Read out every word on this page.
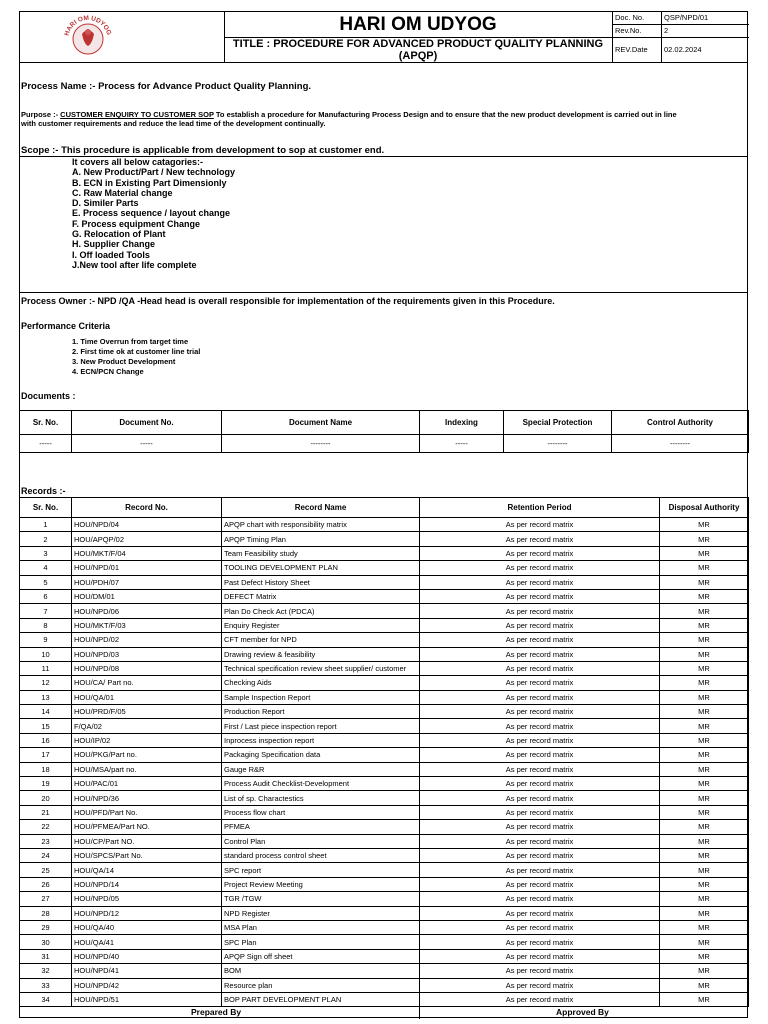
HARI OM UDYOG	HARI OM UDYOG
TITLE : PROCEDURE FOR ADVANCED PRODUCT QUALITY PLANNING (APQP)
Doc. No.	QSP/NPD/01
Rev.No.	2
REV.Date	02.02.2024
Process Name :- Process for Advance Product Quality Planning.
Purpose :- CUSTOMER ENQUIRY TO CUSTOMER SOP To establish a procedure for Manufacturing Process Design and to ensure that the new product development is carried out in line
with customer requirements and reduce the lead time of the development continually.
Scope :- This procedure is applicable from development to sop at customer end.
It covers all below catagories:-
A. New Product/Part / New technology
B. ECN in Existing Part Dimensionly
C. Raw Material change
D. Similer Parts
E. Process sequence / layout change
F. Process equipment Change
G. Relocation of Plant
H. Supplier Change
I. Off loaded Tools
J.New tool after life complete
Process Owner :- NPD /QA -Head head is overall responsible for implementation of the requirements given in this Procedure.
Performance Criteria
1. Time Overrun from target time
2. First time ok at customer line trial
3. New Product Development
4. ECN/PCN Change
Documents :
Sr. No.	Document No.	Document Name	Indexing	Special Protection	Control Authority
-----	-----	--------	-----	--------	--------
Records :-
Sr. No.	Record No.	Record Name	Retention Period	Disposal Authority
1	HOU/NPD/04	APQP chart with responsibility matrix	As per record matrix	MR
2	HOU/APQP/02	APQP Timing Plan	As per record matrix	MR
3	HOU/MKT/F/04	Team Feasibility study	As per record matrix	MR
4	HOU/NPD/01	TOOLING DEVELOPMENT PLAN	As per record matrix	MR
5	HOU/PDH/07	Past Defect History Sheet	As per record matrix	MR
6	HOU/DM/01	DEFECT Matrix	As per record matrix	MR
7	HOU/NPD/06	Plan Do Check Act (PDCA)	As per record matrix	MR
8	HOU/MKT/F/03	Enquiry Register	As per record matrix	MR
9	HOU/NPD/02	CFT member for NPD	As per record matrix	MR
10	HOU/NPD/03	Drawing review & feasibility	As per record matrix	MR
11	HOU/NPD/08	Technical specification review sheet supplier/ customer	As per record matrix	MR
12	HOU/CA/ Part no.	Checking Aids	As per record matrix	MR
13	HOU/QA/01	Sample Inspection Report	As per record matrix	MR
14	HOU/PRD/F/05	Production Report	As per record matrix	MR
15	F/QA/02	First / Last piece inspection report	As per record matrix	MR
16	HOU/IP/02	Inprocess inspection report	As per record matrix	MR
17	HOU/PKG/Part no.	Packaging Specification data	As per record matrix	MR
18	HOU/MSA/part no.	Gauge R&R	As per record matrix	MR
19	HOU/PAC/01	Process Audit Checklist-Development	As per record matrix	MR
20	HOU/NPD/36	List of sp. Charactestics	As per record matrix	MR
21	HOU/PFD/Part No.	Process flow chart	As per record matrix	MR
22	HOU/PFMEA/Part NO.	PFMEA	As per record matrix	MR
23	HOU/CP/Part NO.	Control Plan	As per record matrix	MR
24	HOU/SPCS/Part No.	standard process control sheet	As per record matrix	MR
25	HOU/QA/14	SPC report	As per record matrix	MR
26	HOU/NPD/14	Project Review Meeting	As per record matrix	MR
27	HOU/NPD/05	TGR /TGW	As per record matrix	MR
28	HOU/NPD/12	NPD Register	As per record matrix	MR
29	HOU/QA/40	MSA Plan	As per record matrix	MR
30	HOU/QA/41	SPC Plan	As per record matrix	MR
31	HOU/NPD/40	APQP Sign off sheet	As per record matrix	MR
32	HOU/NPD/41	BOM	As per record matrix	MR
33	HOU/NPD/42	Resource plan	As per record matrix	MR
34	HOU/NPD/51	BOP PART DEVELOPMENT PLAN	As per record matrix	MR
Prepared By	Approved By
